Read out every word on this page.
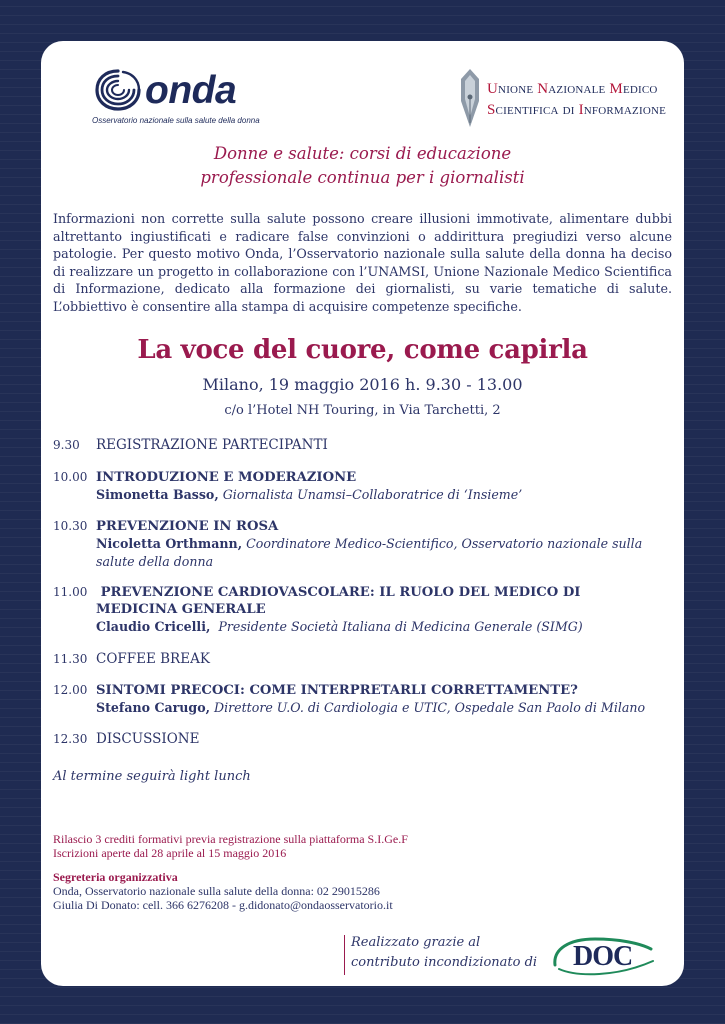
onda
Osservatorio nazionale sulla salute della donna
Unione Nazionale Medico
Scientifica di Informazione
Donne e salute: corsi di educazione
professionale continua per i giornalisti
Informazioni non corrette sulla salute possono creare illusioni immotivate, alimentare dubbi altrettanto ingiustificati e radicare false convinzioni o addirittura pregiudizi verso alcune patologie. Per questo motivo Onda, l’Osservatorio nazionale sulla salute della donna ha deciso di realizzare un progetto in collaborazione con l’UNAMSI, Unione Nazionale Medico Scientifica di Informazione, dedicato alla formazione dei giornalisti, su varie tematiche di salute. L’obbiettivo è consentire alla stampa di acquisire competenze specifiche.
La voce del cuore, come capirla
Milano, 19 maggio 2016 h. 9.30 - 13.00
c/o l’Hotel NH Touring, in Via Tarchetti, 2
9.30 REGISTRAZIONE PARTECIPANTI
10.00 INTRODUZIONE E MODERAZIONE
Simonetta Basso, Giornalista Unamsi–Collaboratrice di ‘Insieme’
10.30 PREVENZIONE IN ROSA
Nicoletta Orthmann, Coordinatore Medico-Scientifico, Osservatorio nazionale sulla salute della donna
11.00 PREVENZIONE CARDIOVASCOLARE: IL RUOLO DEL MEDICO DI MEDICINA GENERALE
Claudio Cricelli,  Presidente Società Italiana di Medicina Generale (SIMG)
11.30 COFFEE BREAK
12.00 SINTOMI PRECOCI: COME INTERPRETARLI CORRETTAMENTE?
Stefano Carugo, Direttore U.O. di Cardiologia e UTIC, Ospedale San Paolo di Milano
12.30 DISCUSSIONE
Al termine seguirà light lunch
Rilascio 3 crediti formativi previa registrazione sulla piattaforma S.I.Ge.F
Iscrizioni aperte dal 28 aprile al 15 maggio 2016
Segreteria organizzativa
Onda, Osservatorio nazionale sulla salute della donna: 02 29015286
Giulia Di Donato: cell. 366 6276208 - g.didonato@ondaosservatorio.it
Realizzato grazie al
contributo incondizionato di DOC
